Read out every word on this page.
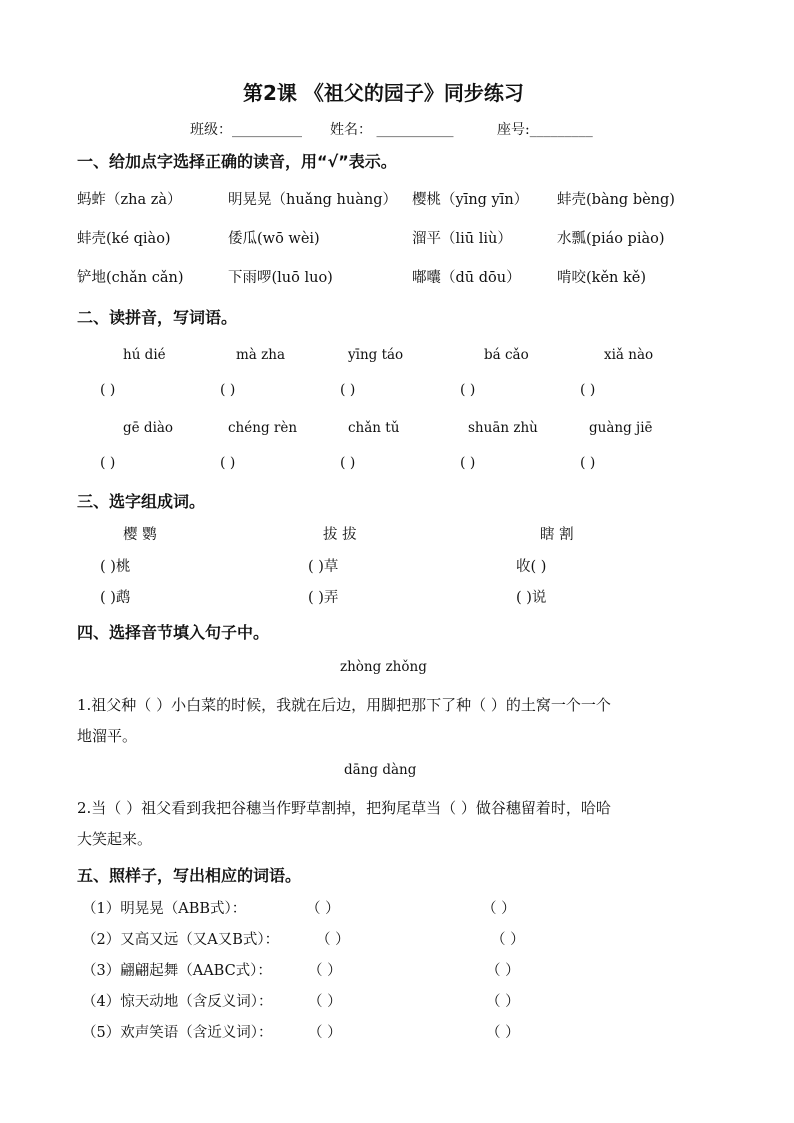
第2课 《祖父的园子》同步练习
班级：__________ 姓名： ___________	座号:_________
一、给加点字选择正确的读音，用“√”表示。
蚂蚱（zha zà）	明晃晃（huǎng huàng） 樱桃（yīng yīn） 蚌壳(bàng bèng)
蚌壳(ké qiào)	倭瓜(wō wèi)	溜平（liū liù）	水瓢(piáo piào)
铲地(chǎn cǎn)	下雨啰(luō luo)	嘟囔（dū dōu）	啃咬(kěn kě)
二、读拼音，写词语。
hú dié	mà zha	yīng táo	bá cǎo	xiǎ nào
( )	( )	( )	( )	( )
gē diào	chéng rèn	chǎn tǔ	shuān zhù	guàng jiē
( )	( )	( )	( )	( )
三、选字组成词。
樱 鹦	拔 拔	瞎 割
( )桃	( )草	收( )
( )鹉	( )弄	( )说
四、选择音节填入句子中。
zhòng zhǒng
1.祖父种（ ）小白菜的时候，我就在后边，用脚把那下了种（ ）的土窝一个一个
地溜平。
dāng dàng
2.当（ ）祖父看到我把谷穗当作野草割掉，把狗尾草当（ ）做谷穗留着时，哈哈
大笑起来。
五、照样子，写出相应的词语。
（1）明晃晃（ABB式）：	（ ）	（ ）
（2）又高又远（又A又B式）：	（ ）	（ ）
（3）翩翩起舞（AABC式）： （ ）	（ ）
（4）惊天动地（含反义词）： （ ）	（ ）
（5）欢声笑语（含近义词）： （ ）	（ ）
